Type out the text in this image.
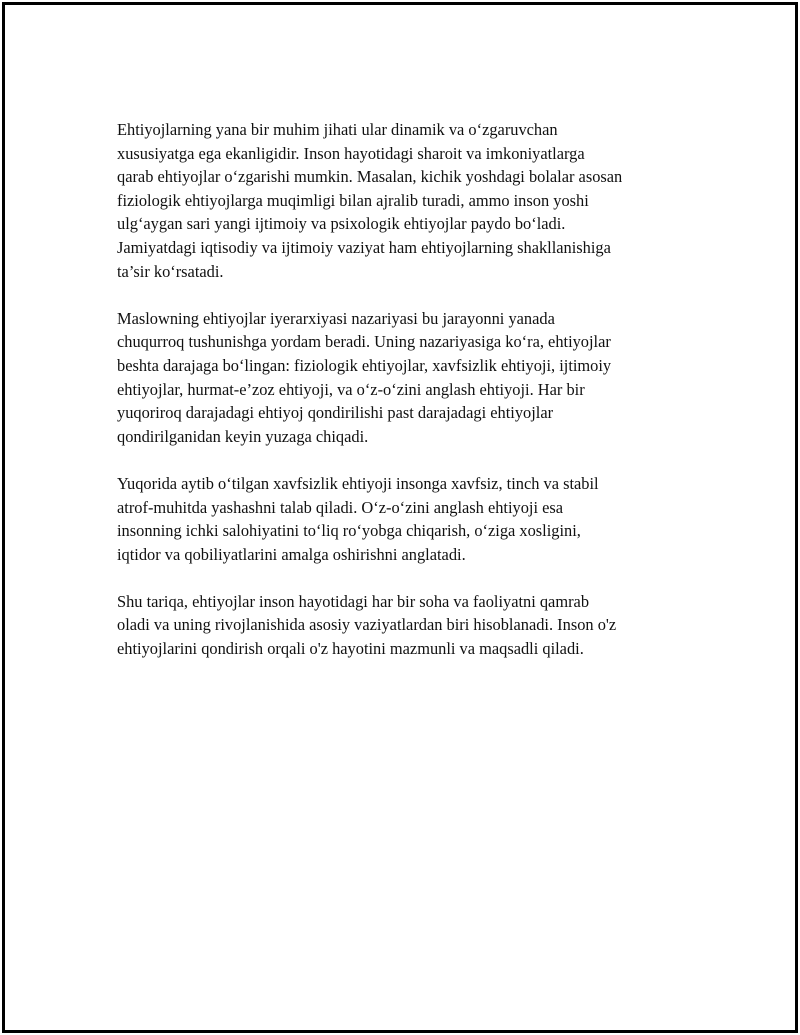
Ehtiyojlarning yana bir muhim jihati ular dinamik va o‘zgaruvchan
xususiyatga ega ekanligidir. Inson hayotidagi sharoit va imkoniyatlarga
qarab ehtiyojlar o‘zgarishi mumkin. Masalan, kichik yoshdagi bolalar asosan
fiziologik ehtiyojlarga muqimligi bilan ajralib turadi, ammo inson yoshi
ulg‘aygan sari yangi ijtimoiy va psixologik ehtiyojlar paydo bo‘ladi.
Jamiyatdagi iqtisodiy va ijtimoiy vaziyat ham ehtiyojlarning shakllanishiga
ta’sir ko‘rsatadi.

Maslowning ehtiyojlar iyerarxiyasi nazariyasi bu jarayonni yanada
chuqurroq tushunishga yordam beradi. Uning nazariyasiga ko‘ra, ehtiyojlar
beshta darajaga bo‘lingan: fiziologik ehtiyojlar, xavfsizlik ehtiyoji, ijtimoiy
ehtiyojlar, hurmat-e’zoz ehtiyoji, va o‘z-o‘zini anglash ehtiyoji. Har bir
yuqoriroq darajadagi ehtiyoj qondirilishi past darajadagi ehtiyojlar
qondirilganidan keyin yuzaga chiqadi.

Yuqorida aytib o‘tilgan xavfsizlik ehtiyoji insonga xavfsiz, tinch va stabil
atrof-muhitda yashashni talab qiladi. O‘z-o‘zini anglash ehtiyoji esa
insonning ichki salohiyatini to‘liq ro‘yobga chiqarish, o‘ziga xosligini,
iqtidor va qobiliyatlarini amalga oshirishni anglatadi.

Shu tariqa, ehtiyojlar inson hayotidagi har bir soha va faoliyatni qamrab
oladi va uning rivojlanishida asosiy vaziyatlardan biri hisoblanadi. Inson o'z
ehtiyojlarini qondirish orqali o'z hayotini mazmunli va maqsadli qiladi.
